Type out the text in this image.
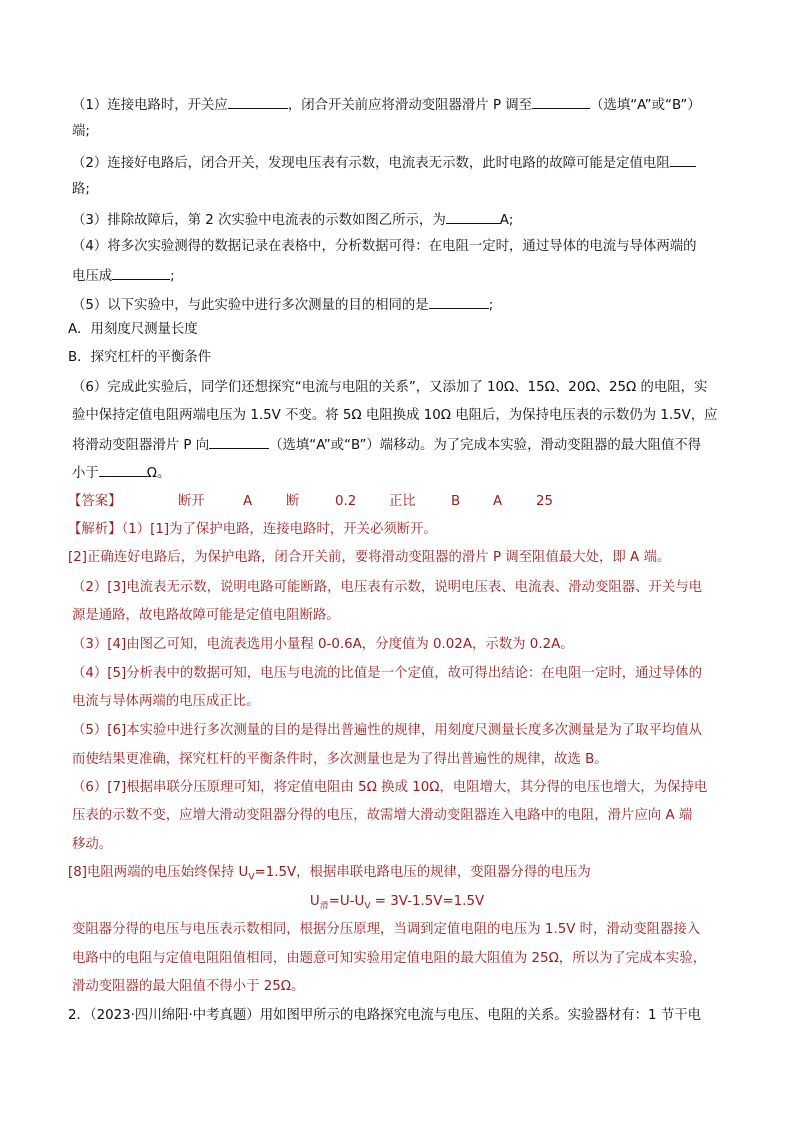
（1）连接电路时，开关应	，闭合开关前应将滑动变阻器滑片 P 调至	（选填“A”或“B”）
端;
（2）连接好电路后，闭合开关，发现电压表有示数，电流表无示数，此时电路的故障可能是定值电阻
路;
（3）排除故障后，第 2 次实验中电流表的示数如图乙所示，为	A;
（4）将多次实验测得的数据记录在表格中，分析数据可得：在电阻一定时，通过导体的电流与导体两端的
电压成	;
（5）以下实验中，与此实验中进行多次测量的目的相同的是	;
A．用刻度尺测量长度
B．探究杠杆的平衡条件
（6）完成此实验后，同学们还想探究“电流与电阻的关系”，又添加了 10Ω、15Ω、20Ω、25Ω 的电阻，实
验中保持定值电阻两端电压为 1.5V 不变。将 5Ω 电阻换成 10Ω 电阻后，为保持电压表的示数仍为 1.5V，应
将滑动变阻器滑片 P 向	（选填“A”或“B”）端移动。为了完成本实验，滑动变阻器的最大阻值不得
小于	Ω。
【答案】	断开	A	断	0.2 正比	B A	25
【解析】（1）[1]为了保护电路，连接电路时，开关必须断开。
[2]正确连好电路后，为保护电路，闭合开关前，要将滑动变阻器的滑片 P 调至阻值最大处，即 A 端。
（2）[3]电流表无示数，说明电路可能断路，电压表有示数，说明电压表、电流表、滑动变阻器、开关与电
源是通路，故电路故障可能是定值电阻断路。
（3）[4]由图乙可知，电流表选用小量程 0-0.6A，分度值为 0.02A，示数为 0.2A。
（4）[5]分析表中的数据可知，电压与电流的比值是一个定值，故可得出结论：在电阻一定时，通过导体的
电流与导体两端的电压成正比。
（5）[6]本实验中进行多次测量的目的是得出普遍性的规律，用刻度尺测量长度多次测量是为了取平均值从
而使结果更准确，探究杠杆的平衡条件时，多次测量也是为了得出普遍性的规律，故选 B。
（6）[7]根据串联分压原理可知，将定值电阻由 5Ω 换成 10Ω，电阻增大，其分得的电压也增大，为保持电
压表的示数不变，应增大滑动变阻器分得的电压，故需增大滑动变阻器连入电路中的电阻，滑片应向 A 端
移动。
[8]电阻两端的电压始终保持 $U_V=1.5V$，根据串联电路电压的规律，变阻器分得的电压为
$U_滑=U-U_V = 3V-1.5V=1.5V$
变阻器分得的电压与电压表示数相同，根据分压原理，当调到定值电阻的电压为 1.5V 时，滑动变阻器接入
电路中的电阻与定值电阻阻值相同，由题意可知实验用定值电阻的最大阻值为 25Ω，所以为了完成本实验，
滑动变阻器的最大阻值不得小于 25Ω。
2．（2023·四川绵阳·中考真题）用如图甲所示的电路探究电流与电压、电阻的关系。实验器材有：1 节干电
